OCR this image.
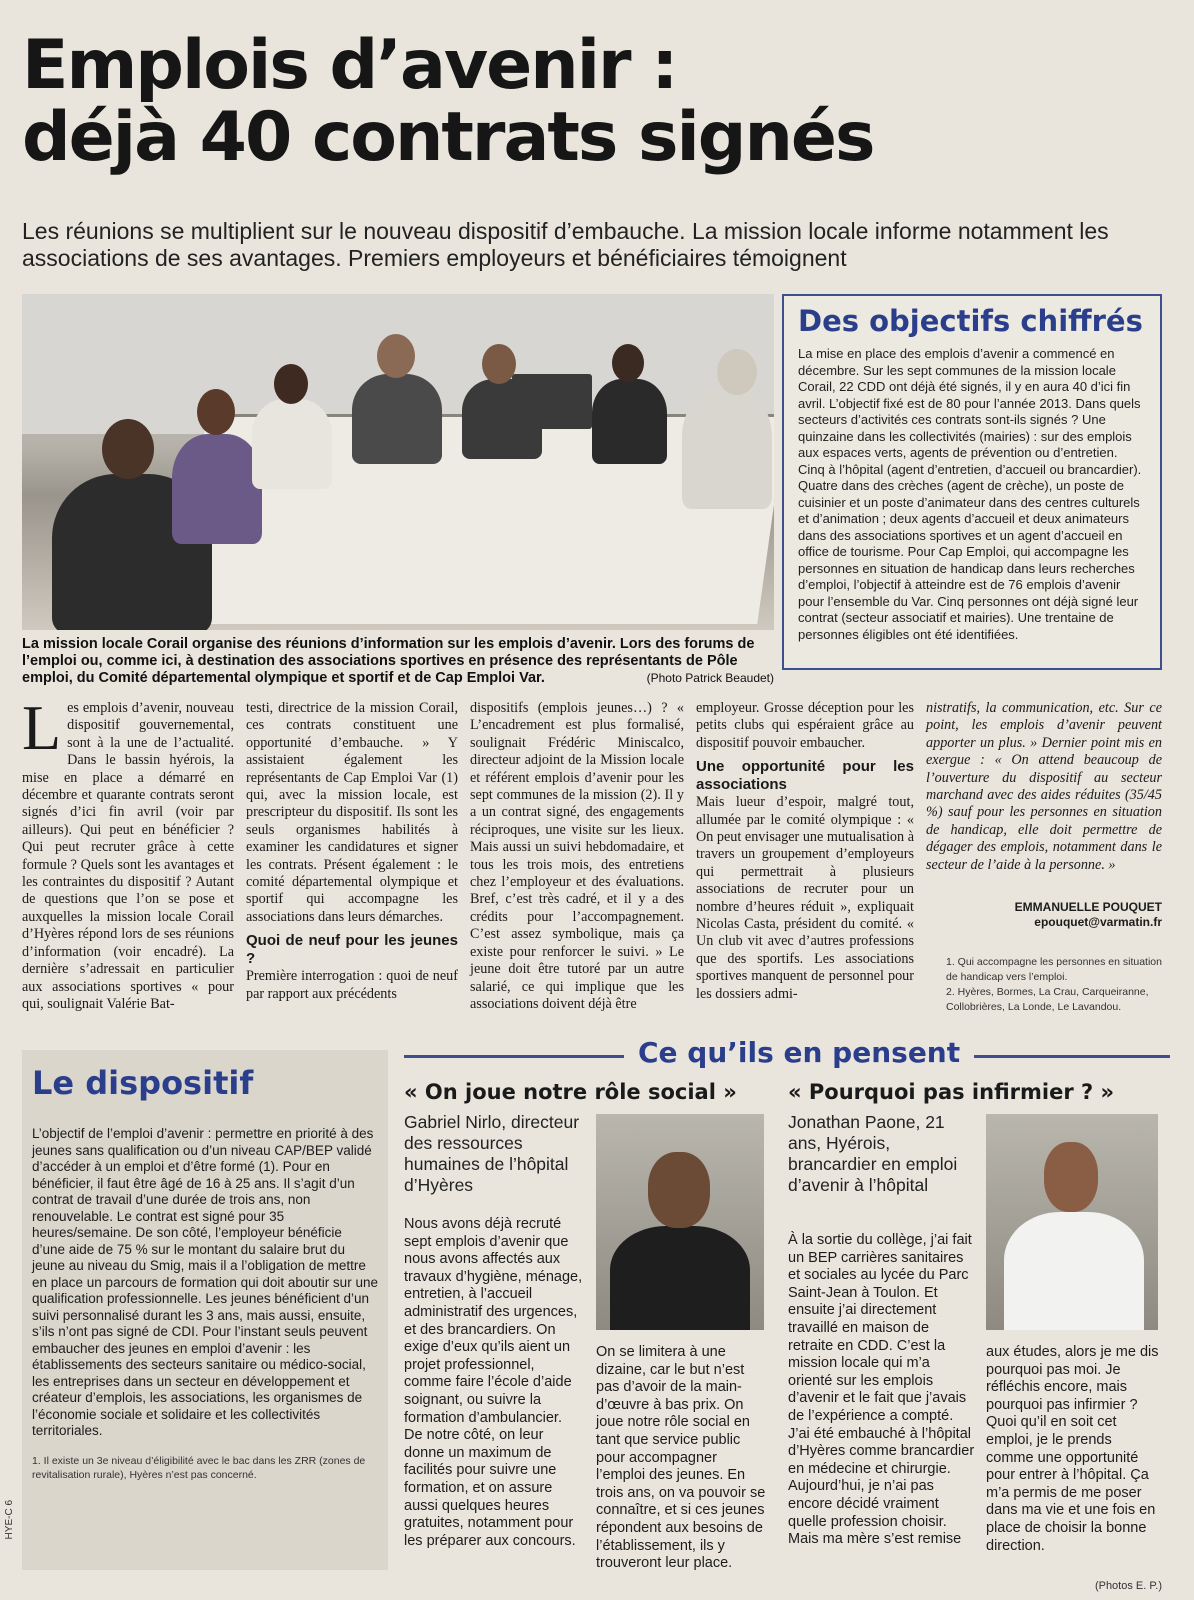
Emplois d’avenir :
déjà 40 contrats signés

Les réunions se multiplient sur le nouveau dispositif d’embauche. La mission locale informe notamment les associations de ses avantages. Premiers employeurs et bénéficiaires témoignent

La mission locale Corail organise des réunions d’information sur les emplois d’avenir. Lors des forums de l’emploi ou, comme ici, à destination des associations sportives en présence des représentants de Pôle emploi, du Comité départemental olympique et sportif et de Cap Emploi Var.	(Photo Patrick Beaudet)
Des objectifs chiffrés

La mise en place des emplois d’avenir a commencé en décembre. Sur les sept communes de la mission locale Corail, 22 CDD ont déjà été signés, il y en aura 40 d’ici fin avril. L’objectif fixé est de 80 pour l’année 2013. Dans quels secteurs d’activités ces contrats sont-ils signés ? Une quinzaine dans les collectivités (mairies) : sur des emplois aux espaces verts, agents de prévention ou d’entretien. Cinq à l’hôpital (agent d’entretien, d’accueil ou brancardier). Quatre dans des crèches (agent de crèche), un poste de cuisinier et un poste d’animateur dans des centres culturels et d’animation ; deux agents d’accueil et deux animateurs dans des associations sportives et un agent d’accueil en office de tourisme. Pour Cap Emploi, qui accompagne les personnes en situation de handicap dans leurs recherches d’emploi, l’objectif à atteindre est de 76 emplois d’avenir pour l’ensemble du Var. Cinq personnes ont déjà signé leur contrat (secteur associatif et mairies). Une trentaine de personnes éligibles ont été identifiées.

L es emplois d’avenir, nouveau dispositif gouvernemental, sont à la une de l’actualité. Dans le bassin hyérois, la mise en place a démarré en décembre et quarante contrats seront signés d’ici fin avril (voir par ailleurs). Qui peut en bénéficier ? Qui peut recruter grâce à cette formule ? Quels sont les avantages et les contraintes du dispositif ? Autant de questions que l’on se pose et auxquelles la mission locale Corail d’Hyères répond lors de ses réunions d’information (voir encadré). La dernière s’adressait en particulier aux associations sportives « pour qui, soulignait Valérie Bat-

testi, directrice de la mission Corail, ces contrats constituent une opportunité d’embauche. » Y assistaient également les représentants de Cap Emploi Var (1) qui, avec la mission locale, est prescripteur du dispositif. Ils sont les seuls organismes habilités à examiner les candidatures et signer les contrats. Présent également : le comité départemental olympique et sportif qui accompagne les associations dans leurs démarches.

Quoi de neuf pour les jeunes ?

Première interrogation : quoi de neuf par rapport aux précédents

dispositifs (emplois jeunes…) ? « L’encadrement est plus formalisé, soulignait Frédéric Miniscalco, directeur adjoint de la Mission locale et référent emplois d’avenir pour les sept communes de la mission (2). Il y a un contrat signé, des engagements réciproques, une visite sur les lieux. Mais aussi un suivi hebdomadaire, et tous les trois mois, des entretiens chez l’employeur et des évaluations. Bref, c’est très cadré, et il y a des crédits pour l’accompagnement. C’est assez symbolique, mais ça existe pour renforcer le suivi. » Le jeune doit être tutoré par un autre salarié, ce qui implique que les associations doivent déjà être

employeur. Grosse déception pour les petits clubs qui espéraient grâce au dispositif pouvoir embaucher.

Une opportunité pour les associations

Mais lueur d’espoir, malgré tout, allumée par le comité olympique : « On peut envisager une mutualisation à travers un groupement d’employeurs qui permettrait à plusieurs associations de recruter pour un nombre d’heures réduit », expliquait Nicolas Casta, président du comité. « Un club vit avec d’autres professions que des sportifs. Les associations sportives manquent de personnel pour les dossiers admi-

nistratifs, la communication, etc. Sur ce point, les emplois d’avenir peuvent apporter un plus. » Dernier point mis en exergue : « On attend beaucoup de l’ouverture du dispositif au secteur marchand avec des aides réduites (35/45 %) sauf pour les personnes en situation de handicap, elle doit permettre de dégager des emplois, notamment dans le secteur de l’aide à la personne. »

EMMANUELLE POUQUET
epouquet@varmatin.fr

1. Qui accompagne les personnes en situation de handicap vers l’emploi.

2. Hyères, Bormes, La Crau, Carqueiranne, Collobrières, La Londe, Le Lavandou.

Le dispositif

L’objectif de l’emploi d’avenir : permettre en priorité à des jeunes sans qualification ou d’un niveau CAP/BEP validé d’accéder à un emploi et d’être formé (1). Pour en bénéficier, il faut être âgé de 16 à 25 ans. Il s’agit d’un contrat de travail d’une durée de trois ans, non renouvelable. Le contrat est signé pour 35 heures/semaine. De son côté, l’employeur bénéficie d’une aide de 75 % sur le montant du salaire brut du jeune au niveau du Smig, mais il a l’obligation de mettre en place un parcours de formation qui doit aboutir sur une qualification professionnelle. Les jeunes bénéficient d’un suivi personnalisé durant les 3 ans, mais aussi, ensuite, s’ils n’ont pas signé de CDI. Pour l’instant seuls peuvent embaucher des jeunes en emploi d’avenir : les établissements des secteurs sanitaire ou médico-social, les entreprises dans un secteur en développement et créateur d’emplois, les associations, les organismes de l’économie sociale et solidaire et les collectivités territoriales.

1. Il existe un 3e niveau d’éligibilité avec le bac dans les ZRR (zones de revitalisation rurale), Hyères n’est pas concerné.

Ce qu’ils en pensent
« On joue notre rôle social »
Gabriel Nirlo, directeur des ressources humaines de l’hôpital d’Hyères
Nous avons déjà recruté sept emplois d’avenir que nous avons affectés aux travaux d’hygiène, ménage, entretien, à l’accueil administratif des urgences, et des brancardiers. On exige d’eux qu’ils aient un projet professionnel, comme faire l’école d’aide soignant, ou suivre la formation d’ambulancier. De notre côté, on leur donne un maximum de facilités pour suivre une formation, et on assure aussi quelques heures gratuites, notamment pour les préparer aux concours.
On se limitera à une dizaine, car le but n’est pas d’avoir de la main-d’œuvre à bas prix. On joue notre rôle social en tant que service public pour accompagner l’emploi des jeunes. En trois ans, on va pouvoir se connaître, et si ces jeunes répondent aux besoins de l’établissement, ils y trouveront leur place.
« Pourquoi pas infirmier ? »
Jonathan Paone, 21 ans, Hyérois, brancardier en emploi d’avenir à l’hôpital
À la sortie du collège, j’ai fait un BEP carrières sanitaires et sociales au lycée du Parc Saint-Jean à Toulon. Et ensuite j’ai directement travaillé en maison de retraite en CDD. C’est la mission locale qui m’a orienté sur les emplois d’avenir et le fait que j’avais de l’expérience a compté. J’ai été embauché à l’hôpital d’Hyères comme brancardier en médecine et chirurgie. Aujourd’hui, je n’ai pas encore décidé vraiment quelle profession choisir. Mais ma mère s’est remise
aux études, alors je me dis pourquoi pas moi. Je réfléchis encore, mais pourquoi pas infirmier ? Quoi qu’il en soit cet emploi, je le prends comme une opportunité pour entrer à l’hôpital. Ça m’a permis de me poser dans ma vie et une fois en place de choisir la bonne direction.
(Photos E. P.)
HYE-C 6
